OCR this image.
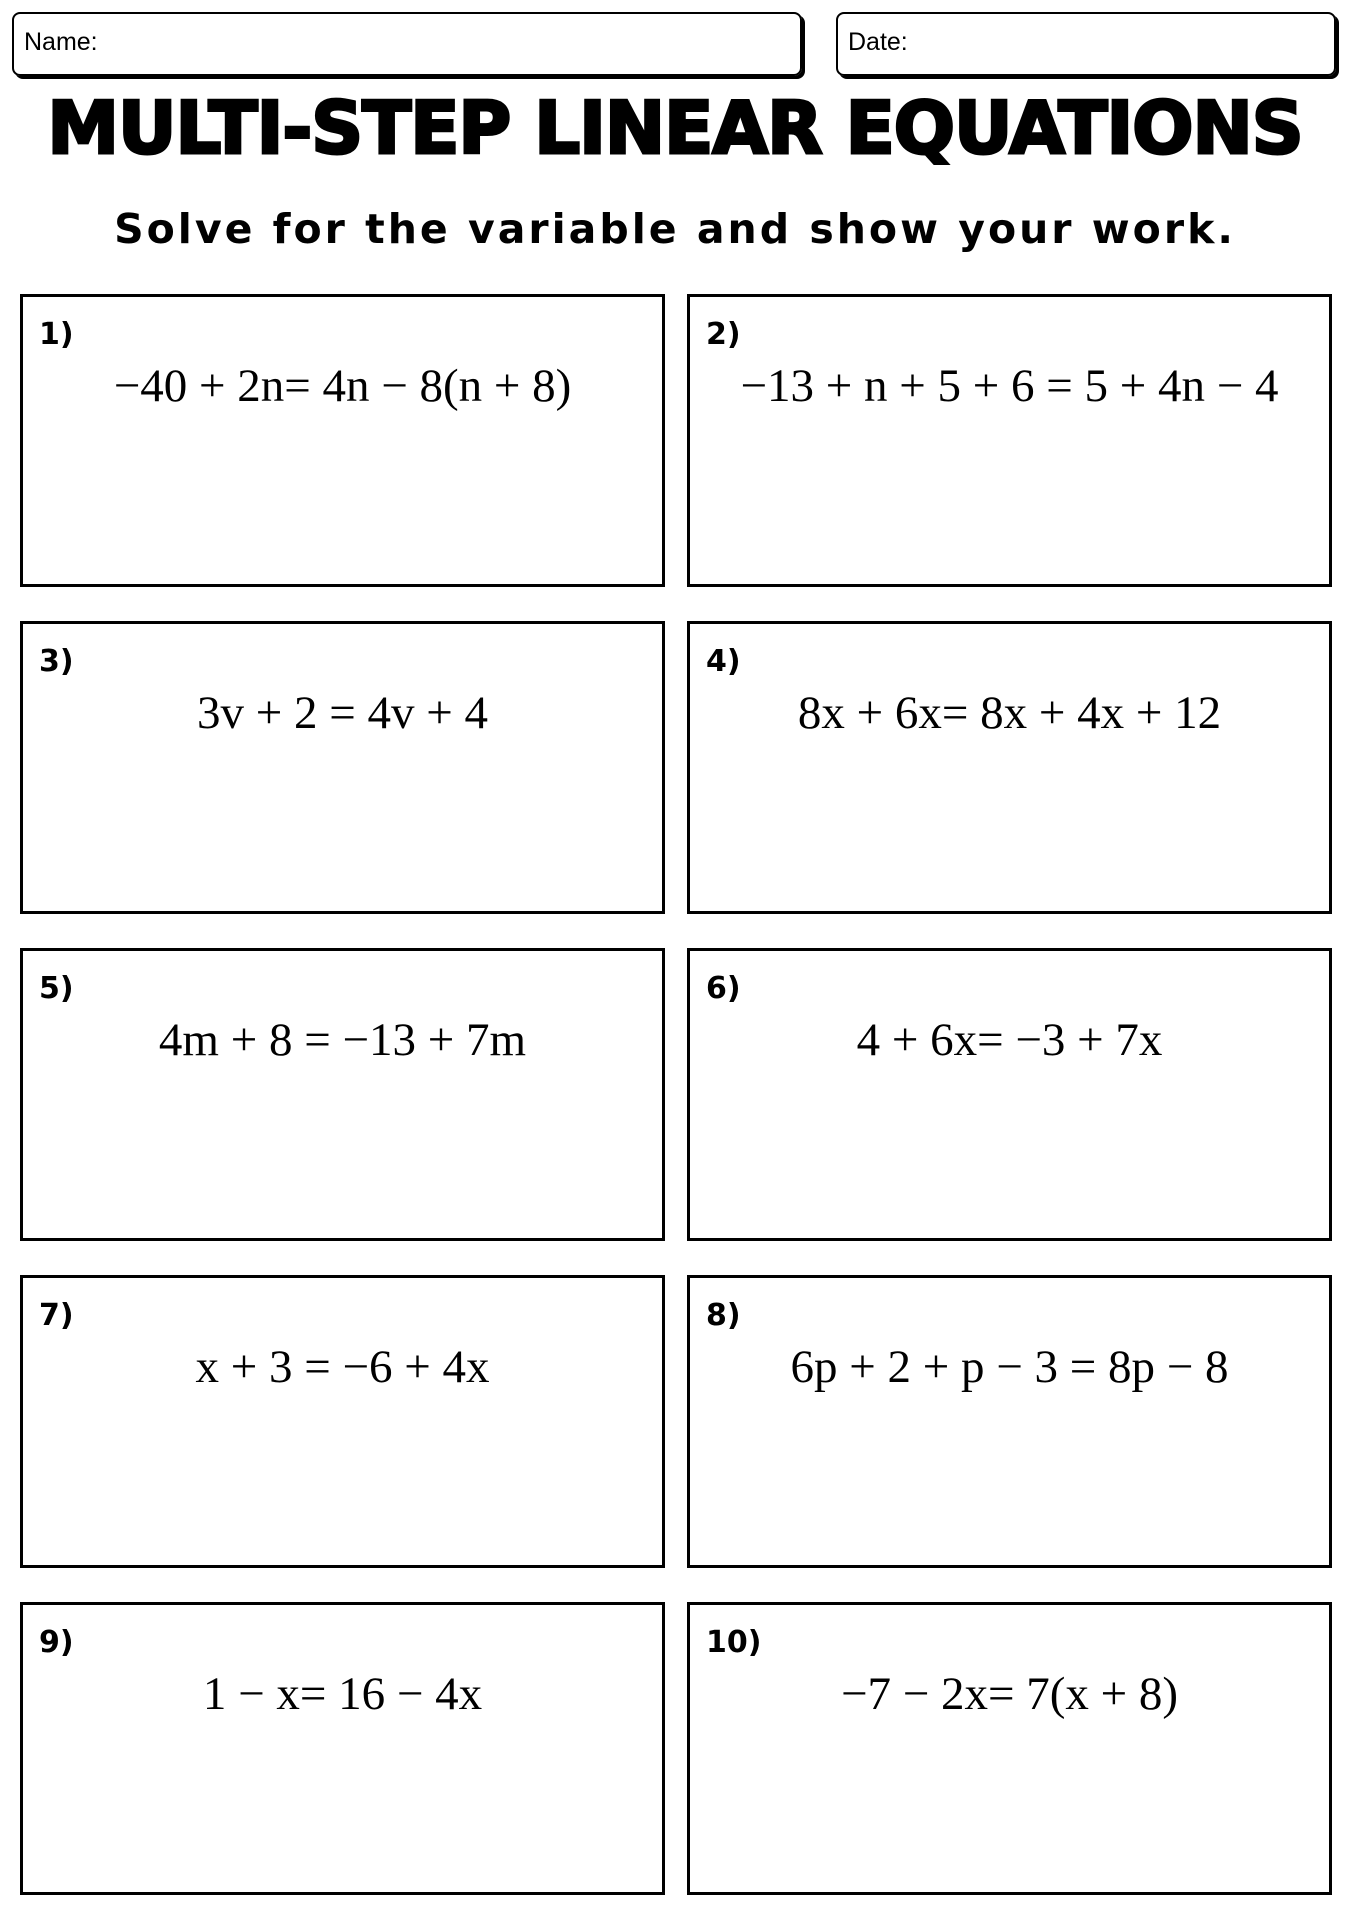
Name:	Date:
MULTI-STEP LINEAR EQUATIONS
Solve for the variable and show your work.
1)
−40 + 2n= 4n − 8(n + 8)
2)
−13 + n + 5 + 6 = 5 + 4n − 4
3)
3v + 2 = 4v + 4
4)
8x + 6x= 8x + 4x + 12
5)
4m + 8 = −13 + 7m
6)
4 + 6x= −3 + 7x
7)
x + 3 = −6 + 4x
8)
6p + 2 + p − 3 = 8p − 8
9)
1 − x= 16 − 4x
10)
−7 − 2x= 7(x + 8)
